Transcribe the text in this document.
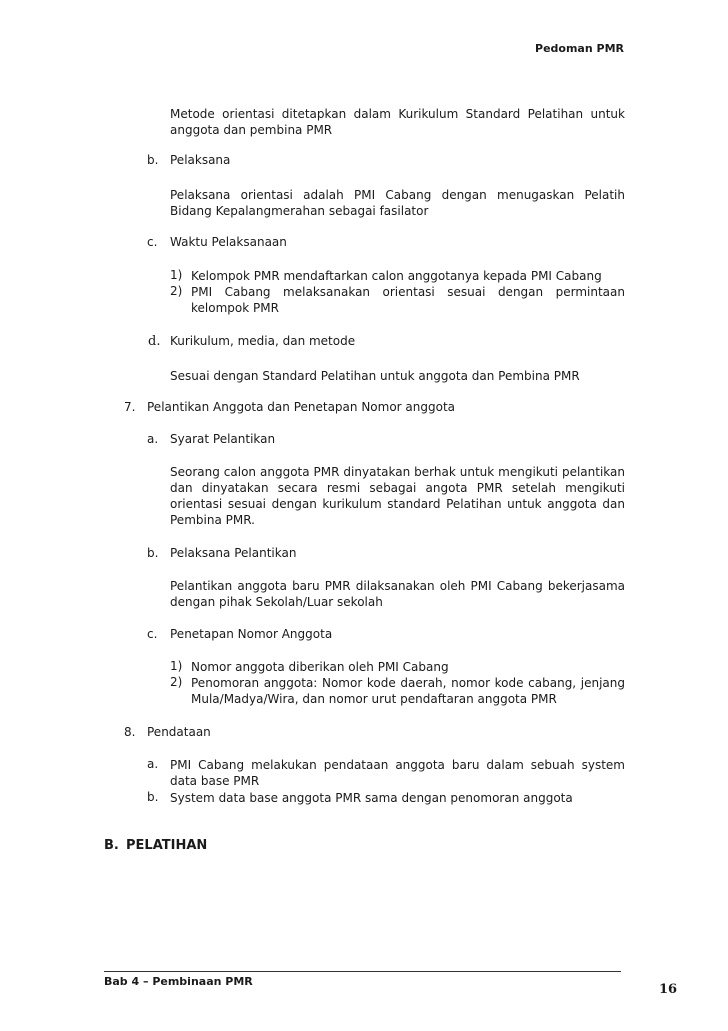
Pedoman PMR
Metode orientasi ditetapkan dalam Kurikulum Standard Pelatihan untuk anggota dan pembina PMR
b. Pelaksana
Pelaksana orientasi adalah PMI Cabang dengan menugaskan Pelatih Bidang Kepalangmerahan sebagai fasilator
c. Waktu Pelaksanaan
1) Kelompok PMR mendaftarkan calon anggotanya kepada PMI Cabang
2) PMI Cabang melaksanakan orientasi sesuai dengan permintaan kelompok PMR
d. Kurikulum, media, dan metode
Sesuai dengan Standard Pelatihan untuk anggota dan Pembina PMR
7. Pelantikan Anggota dan Penetapan Nomor anggota
a. Syarat Pelantikan
Seorang calon anggota PMR dinyatakan berhak untuk mengikuti pelantikan dan dinyatakan secara resmi sebagai angota PMR setelah mengikuti orientasi sesuai dengan kurikulum standard Pelatihan untuk anggota dan Pembina PMR.
b. Pelaksana Pelantikan
Pelantikan anggota baru PMR dilaksanakan oleh PMI Cabang bekerjasama dengan pihak Sekolah/Luar sekolah
c. Penetapan Nomor Anggota
1) Nomor anggota diberikan oleh PMI Cabang
2) Penomoran anggota: Nomor kode daerah, nomor kode cabang, jenjang Mula/Madya/Wira, dan nomor urut pendaftaran anggota PMR
8. Pendataan
a. PMI Cabang melakukan pendataan anggota baru dalam sebuah system data base PMR
b. System data base anggota PMR sama dengan penomoran anggota
B. PELATIHAN
Bab 4 – Pembinaan PMR
16
